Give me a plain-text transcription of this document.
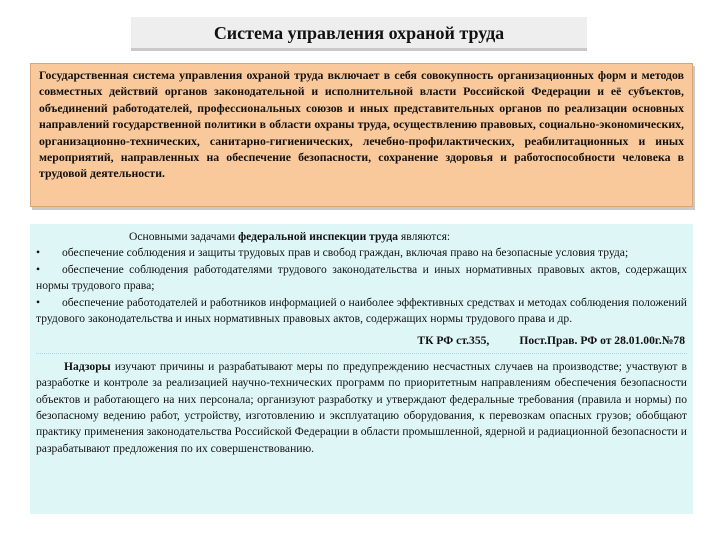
Система управления охраной труда
Государственная система управления охраной труда включает в себя совокупность организационных форм и методов совместных действий органов законодательной и исполнительной власти Российской Федерации и её субъектов, объединений работодателей, профессиональных союзов и иных представительных органов по реализации основных направлений государственной политики в области охраны труда, осуществлению правовых, социально-экономических, организационно-технических, санитарно-гигиенических, лечебно-профилактических, реабилитационных и иных мероприятий, направленных на обеспечение безопасности, сохранение здоровья и работоспособности человека в трудовой деятельности.
Основными задачами федеральной инспекции труда являются:
• обеспечение соблюдения и защиты трудовых прав и свобод граждан, включая право на безопасные условия труда;
• обеспечение соблюдения работодателями трудового законодательства и иных нормативных правовых актов, содержащих нормы трудового права;
• обеспечение работодателей и работников информацией о наиболее эффективных средствах и методах соблюдения положений трудового законодательства и иных нормативных правовых актов, содержащих нормы трудового права и др.
ТК РФ ст.355,	Пост.Прав. РФ от 28.01.00г.№78
Надзоры изучают причины и разрабатывают меры по предупреждению несчастных случаев на производстве; участвуют в разработке и контроле за реализацией научно-технических программ по приоритетным направлениям обеспечения безопасности объектов и работающего на них персонала; организуют разработку и утверждают федеральные требования (правила и нормы) по безопасному ведению работ, устройству, изготовлению и эксплуатацию оборудования, к перевозкам опасных грузов; обобщают практику применения законодательства Российской Федерации в области промышленной, ядерной и радиационной безопасности и разрабатывают предложения по их совершенствованию.
